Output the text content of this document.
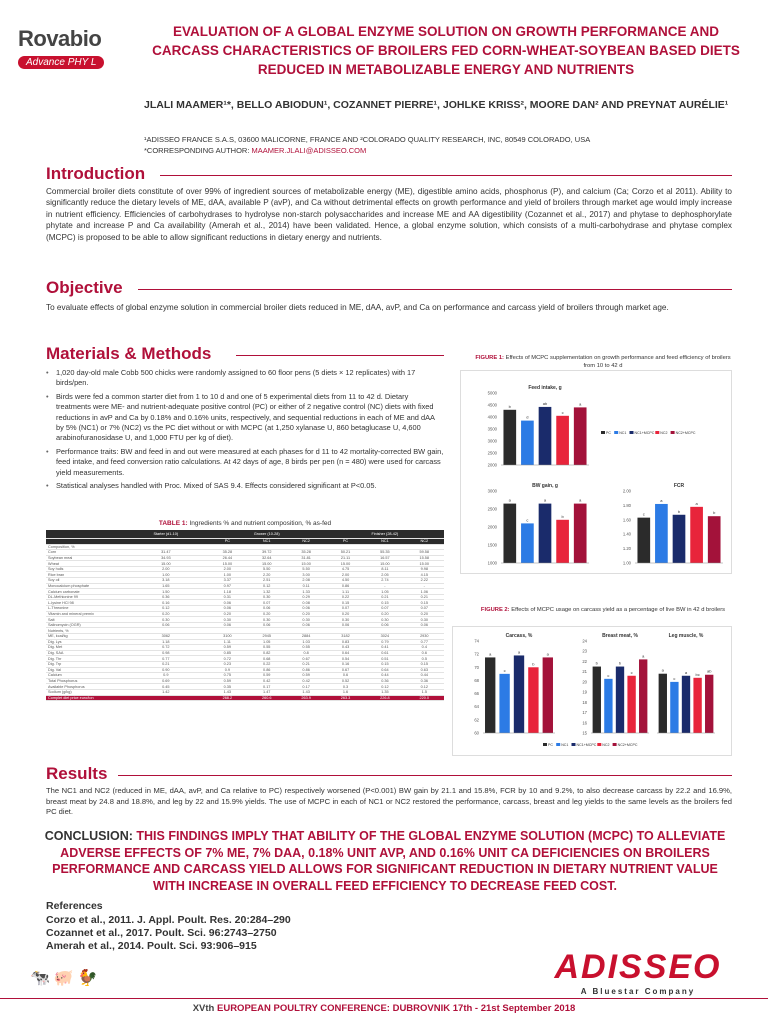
Rovabio
Advance PHY L
EVALUATION OF A GLOBAL ENZYME SOLUTION ON GROWTH PERFORMANCE AND CARCASS CHARACTERISTICS OF BROILERS FED CORN-WHEAT-SOYBEAN BASED DIETS REDUCED IN METABOLIZABLE ENERGY AND NUTRIENTS
JLALI MAAMER¹*, BELLO ABIODUN¹, COZANNET PIERRE¹, JOHLKE KRISS², MOORE DAN² AND PREYNAT AURÉLIE¹
¹ADISSEO FRANCE S.A.S, 03600 MALICORNE, FRANCE AND ²COLORADO QUALITY RESEARCH, INC, 80549 COLORADO, USA
*CORRESPONDING AUTHOR: MAAMER.JLALI@ADISSEO.COM
Introduction
Commercial broiler diets constitute of over 99% of ingredient sources of metabolizable energy (ME), digestible amino acids, phosphorus (P), and calcium (Ca; Corzo et al 2011). Ability to significantly reduce the dietary levels of ME, dAA, available P (avP), and Ca without detrimental effects on growth performance and yield of broilers through market age would imply increase in nutrient efficiency. Efficiencies of carbohydrases to hydrolyse non-starch polysaccharides and increase ME and AA digestibility (Cozannet et al., 2017) and phytase to dephosphorylate phytate and increase P and Ca availability (Amerah et al., 2014) have been validated. Hence, a global enzyme solution, which consists of a multi-carbohydrase and phytase complex (MCPC) is proposed to be able to allow significant reductions in dietary energy and nutrients.
Objective
To evaluate effects of global enzyme solution in commercial broiler diets reduced in ME, dAA, avP, and Ca on performance and carcass yield of broilers through market age.
Materials & Methods
• 1,020 day-old male Cobb 500 chicks were randomly assigned to 60 floor pens (5 diets × 12 replicates) with 17 birds/pen.
• Birds were fed a common starter diet from 1 to 10 d and one of 5 experimental diets from 11 to 42 d. Dietary treatments were ME- and nutrient-adequate positive control (PC) or either of 2 negative control (NC) diets with fixed reductions in avP and Ca by 0.18% and 0.16% units, respectively, and sequential reductions in each of ME and dAA by 5% (NC1) or 7% (NC2) vs the PC diet without or with MCPC (at 1,250 xylanase U, 860 betaglucase U, 4,600 arabinofuranosidase U, and 1,000 FTU per kg of diet).
• Performance traits: BW and feed in and out were measured at each phases for d 11 to 42 mortality-corrected BW gain, feed intake, and feed conversion ratio calculations. At 42 days of age, 8 birds per pen (n = 480) were used for carcass yield measurements.
• Statistical analyses handled with Proc. Mixed of SAS 9.4. Effects considered significant at P<0.05.
TABLE 1: Ingredients % and nutrient composition, % as-fed
	Starter (d1-10)	Grower (10-28)			Finisher (28-42)		
		PC	NC1	NC2	PC	NC1	NC2
Composition, %							
Corn	31.47	35.28	39.72	35.28	50.21	55.35	59.58
Soybean meal	34.93	26.44	32.64	31.81	21.11	16.57	15.58
Wheat	15.00	15.00	15.00	15.00	15.00	15.00	15.00
Soy hulls	2.00	2.00	5.50	5.50	4.75	8.11	9.98
Rice bran	1.00	1.00	2.20	3.00	2.00	2.05	4.15
Soy oil	3.18	3.37	2.51	2.08	4.50	2.74	2.22
Monocalcium phosphate	1.65	0.97	0.12	0.11	0.86	-	-
Calcium carbonate	1.50	1.18	1.32	1.33	1.11	1.05	1.06
DL-Methionine 99	0.36	0.31	0.30	0.29	0.22	0.21	0.21
L-lysine HCl 98	0.16	0.06	0.07	0.08	0.15	0.15	0.15
L-Threonine	0.12	0.06	0.06	0.06	0.07	0.07	0.07
Vitamin and mineral premix	0.20	0.20	0.20	0.20	0.20	0.20	0.20
Salt	0.30	0.30	0.30	0.30	0.30	0.30	0.30
Salinomycin (OGR)	0.06	0.06	0.06	0.06	0.06	0.06	0.06
Nutrients, %							
ME, kcal/kg	3062	3100	2945	2884	3182	3024	2930
Dig. Lys	1.18	1.11	1.05	1.03	0.83	0.79	0.77
Dig. Met	0.72	0.59	0.55	0.55	0.43	0.41	0.4
Dig. SAA	0.98	0.85	0.82	0.8	0.64	0.61	0.6
Dig. Thr	0.77	0.72	0.68	0.67	0.54	0.51	0.5
Dig. Trp	0.21	0.23	0.22	0.21	0.16	0.15	0.15
Dig. Val	0.90	0.9	0.86	0.86	0.67	0.64	0.63
Calcium	0.9	0.75	0.59	0.59	0.6	0.44	0.44
Total Phosphorus	0.69	0.59	0.42	0.42	0.52	0.36	0.36
Available Phosphorus	0.45	0.35	0.17	0.17	0.3	0.12	0.12
Sodium (g/kg)	1.42	1.43	1.47	1.43	1.6	1.35	1.5
Complet diet price euro/ton		268.2	260.6	263.9	263.3	226.8	220.0
FIGURE 1: Effects of MCPC supplementation on growth performance and feed efficiency of broilers from 10 to 42 d
Feed intake, g
2000
2500
3000
3500
4000
4500
5000
b
d
ab
c
a
PC NC1 NC1+MCPC NC2 NC2+MCPC
BW gain, g
1000
1500
2000
2500
3000
a
c
a
b
a
FCR
1.00
1.20
1.40
1.60
1.80
2.00
c
a
b
a
b
FIGURE 2: Effects of MCPC usage on carcass yield as a percentage of live BW in 42 d broilers
Carcass, %
60
62
64
66
68
70
72
74
a
c
a
b
a
Breast meat, %
15
16
17
18
19
20
21
22
23
24
b
c
b
c
a
Leg muscle, %
a
c
a bc
ab
PC NC1 NC1+MCPC NC2 NC2+MCPC
Results
The NC1 and NC2 (reduced in ME, dAA, avP, and Ca relative to PC) respectively worsened (P<0.001) BW gain by 21.1 and 15.8%, FCR by 10 and 9.2%, to also decrease carcass by 22.2 and 16.9%, breast meat by 24.8 and 18.8%, and leg by 22 and 15.9% yields. The use of MCPC in each of NC1 or NC2 restored the performance, carcass, breast and leg yields to the same levels as the broilers fed PC diet.
CONCLUSION: THIS FINDINGS IMPLY THAT ABILITY OF THE GLOBAL ENZYME SOLUTION (MCPC) TO ALLEVIATE ADVERSE EFFECTS OF 7% ME, 7% DAA, 0.18% UNIT AVP, AND 0.16% UNIT CA DEFICIENCIES ON BROILERS PERFORMANCE AND CARCASS YIELD ALLOWS FOR SIGNIFICANT REDUCTION IN DIETARY NUTRIENT VALUE WITH INCREASE IN OVERALL FEED EFFICIENCY TO DECREASE FEED COST.
References
Corzo et al., 2011. J. Appl. Poult. Res. 20:284–290
Cozannet et al., 2017. Poult. Sci. 96:2743–2750
Amerah et al., 2014. Poult. Sci. 93:906–915
🐄🐖🐓	ADISSEO
A Bluestar Company
XVth EUROPEAN POULTRY CONFERENCE: DUBROVNIK 17th - 21st September 2018
